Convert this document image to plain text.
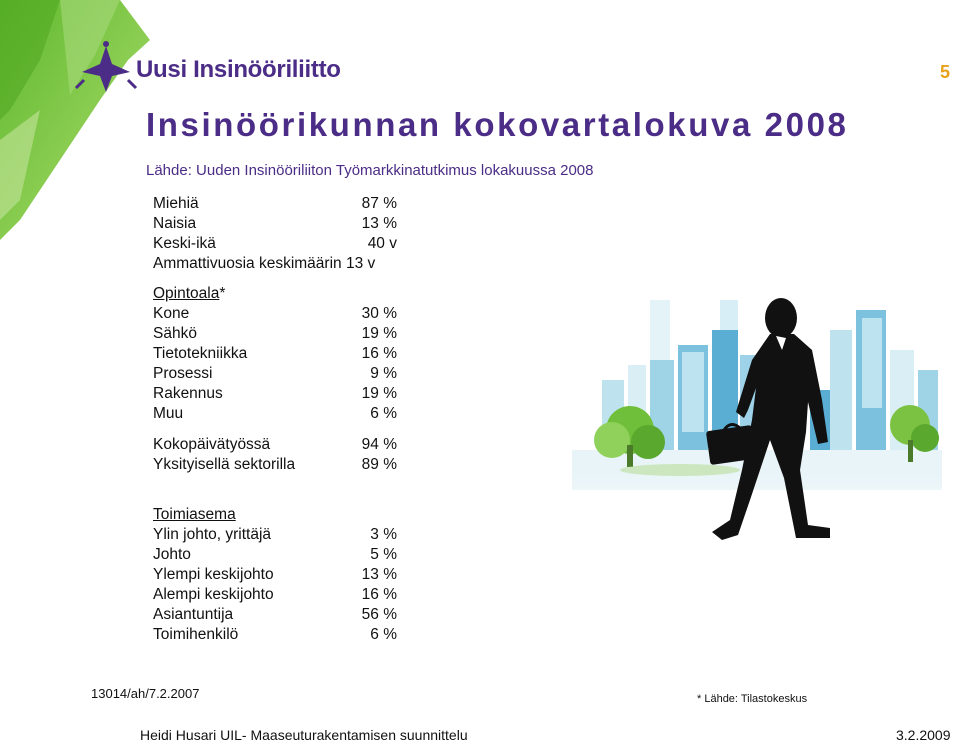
Uusi Insinööriliitto	5
Insinöörikunnan kokovartalokuva 2008
Lähde: Uuden Insinööriliiton Työmarkkinatutkimus lokakuussa 2008
Miehiä	87 %
Naisia	13 %
Keski-ikä	40 v
Ammattivuosia keskimäärin 13 v
Opintoala*
Kone	30 %
Sähkö	19 %
Tietotekniikka	16 %
Prosessi	9 %
Rakennus	19 %
Muu	6 %
Kokopäivätyössä	94 %
Yksityisellä sektorilla	89 %
Toimiasema
Ylin johto, yrittäjä	3 %
Johto	5 %
Ylempi keskijohto	13 %
Alempi keskijohto	16 %
Asiantuntija	56 %
Toimihenkilö	6 %
13014/ah/7.2.2007	* Lähde: Tilastokeskus
Heidi Husari UIL- Maaseuturakentamisen suunnittelu	3.2.2009
